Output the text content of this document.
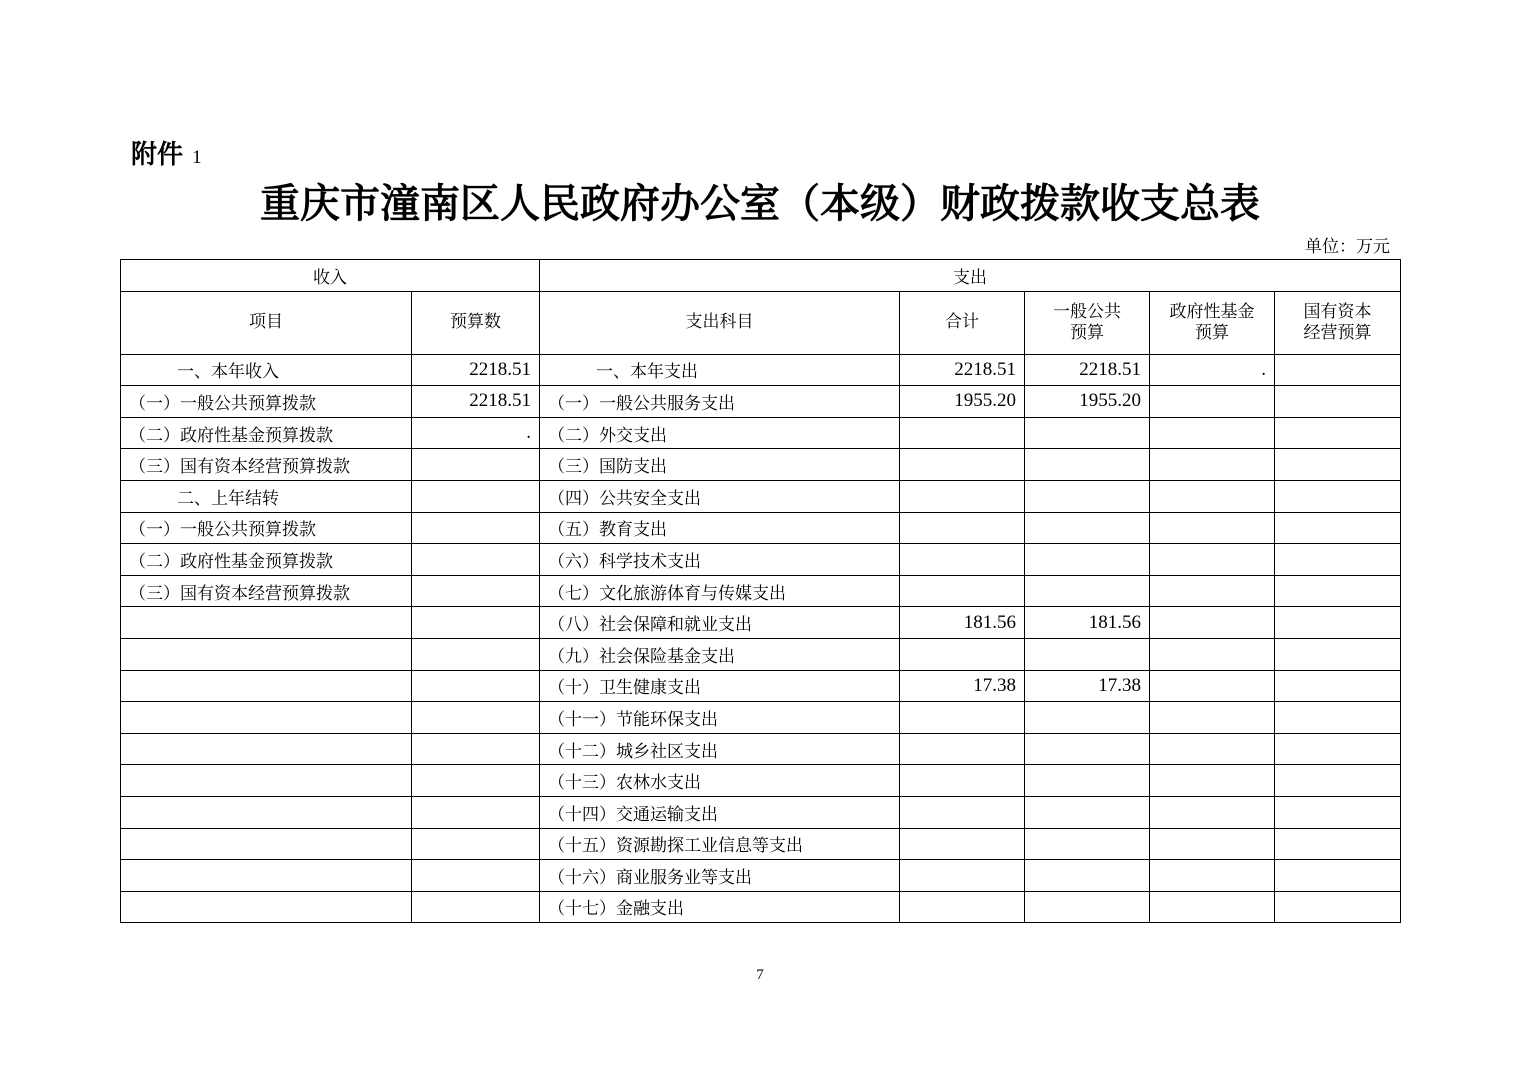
附件 1
重庆市潼南区人民政府办公室（本级）财政拨款收支总表
单位：万元
收入		支出				
项目	预算数	支出科目	合计	一般公共预算	政府性基金预算	国有资本经营预算
一、本年收入	2218.51	一、本年支出	2218.51	2218.51	.	
（一）一般公共预算拨款	2218.51	（一）一般公共服务支出	1955.20	1955.20		
（二）政府性基金预算拨款	.	（二）外交支出				
（三）国有资本经营预算拨款		（三）国防支出				
二、上年结转		（四）公共安全支出				
（一）一般公共预算拨款		（五）教育支出				
（二）政府性基金预算拨款		（六）科学技术支出				
（三）国有资本经营预算拨款		（七）文化旅游体育与传媒支出				
		（八）社会保障和就业支出	181.56	181.56		
		（九）社会保险基金支出				
		（十）卫生健康支出	17.38	17.38		
		（十一）节能环保支出				
		（十二）城乡社区支出				
		（十三）农林水支出				
		（十四）交通运输支出				
		（十五）资源勘探工业信息等支出				
		（十六）商业服务业等支出				
		（十七）金融支出				
7
